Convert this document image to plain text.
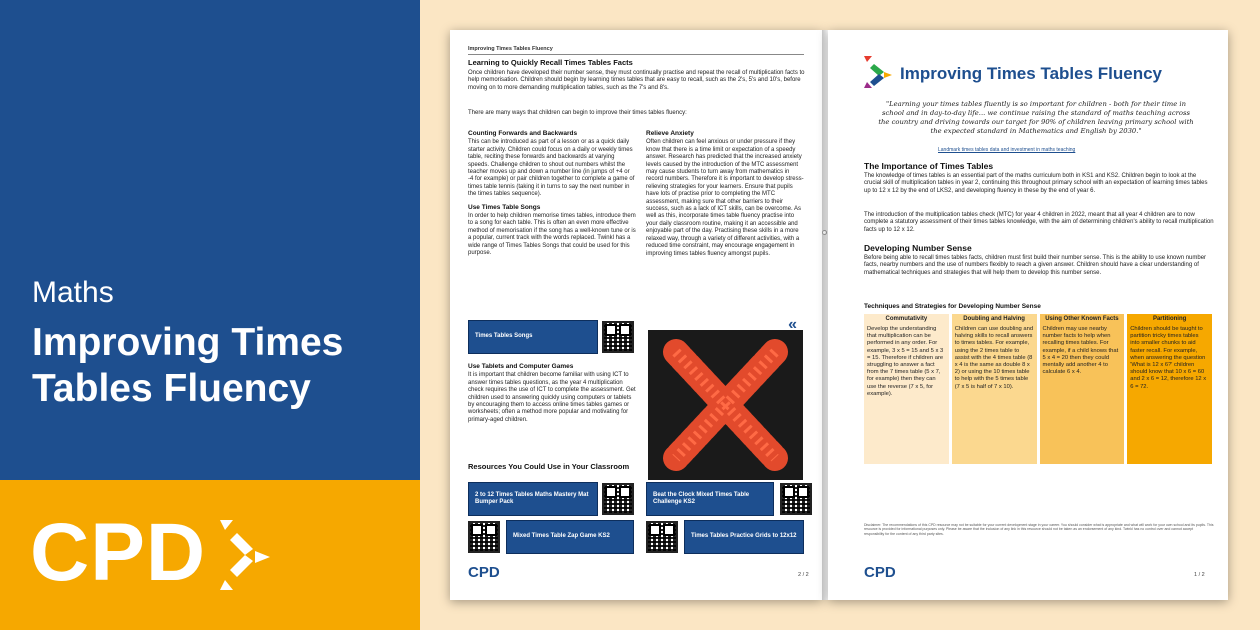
Maths
Improving Times Tables Fluency
CPD
Improving Times Tables Fluency
Learning to Quickly Recall Times Tables Facts
Once children have developed their number sense, they must continually practise and repeat the recall of multiplication facts to help memorisation. Children should begin by learning times tables that are easy to recall, such as the 2's, 5's and 10's, before moving on to more demanding multiplication tables, such as the 7's and 8's.
There are many ways that children can begin to improve their times tables fluency:
Counting Forwards and Backwards

This can be introduced as part of a lesson or as a quick daily starter activity. Children could focus on a daily or weekly times table, reciting these forwards and backwards at varying speeds. Challenge children to shout out numbers whilst the teacher moves up and down a number line (in jumps of +4 or -4 for example) or pair children together to complete a game of times table tennis (taking it in turns to say the next number in the times tables sequence).

Use Times Table Songs

In order to help children memorise times tables, introduce them to a song for each table. This is often an even more effective method of memorisation if the song has a well-known tune or is a popular, current track with the words replaced. Twinkl has a wide range of Times Tables Songs that could be used for this purpose.

Times Tables Songs
Use Tablets and Computer Games

It is important that children become familiar with using ICT to answer times tables questions, as the year 4 multiplication check requires the use of ICT to complete the assessment. Get children used to answering quickly using computers or tablets by encouraging them to access online times tables games or worksheets; often a method more popular and motivating for primary-aged children.

Relieve Anxiety

Often children can feel anxious or under pressure if they know that there is a time limit or expectation of a speedy answer. Research has predicted that the increased anxiety levels caused by the introduction of the MTC assessment may cause students to turn away from mathematics in record numbers. Therefore it is important to develop stress-relieving strategies for your learners. Ensure that pupils have lots of practise prior to completing the MTC assessment, making sure that other barriers to their success, such as a lack of ICT skills, can be overcome. As well as this, incorporate times table fluency practise into your daily classroom routine, making it an accessible and enjoyable part of the day. Practising these skills in a more relaxed way, through a variety of different activities, with a reduced time constraint, may encourage engagement in improving times tables fluency amongst pupils.

«
Resources You Could Use in Your Classroom
2 to 12 Times Tables Maths Mastery Mat Bumper Pack
Beat the Clock Mixed Times Table Challenge KS2
Mixed Times Table Zap Game KS2	Times Tables Practice Grids to 12x12
CPD	2 / 2
Improving Times Tables Fluency
"Learning your times tables fluently is so important for children - both for their time in school and in day-to-day life... we continue raising the standard of maths teaching across the country and driving towards our target for 90% of children leaving primary school with the expected standard in Mathematics and English by 2030."
Landmark times tables data and investment in maths teaching
The Importance of Times Tables
The knowledge of times tables is an essential part of the maths curriculum both in KS1 and KS2. Children begin to look at the crucial skill of multiplication tables in year 2, continuing this throughout primary school with an expectation of learning times tables up to 12 x 12 by the end of LKS2, and developing fluency in these by the end of year 6.
The introduction of the multiplication tables check (MTC) for year 4 children in 2022, meant that all year 4 children are to now complete a statutory assessment of their times tables knowledge, with the aim of determining children's ability to recall multiplication facts up to 12 x 12.
Developing Number Sense
Before being able to recall times tables facts, children must first build their number sense. This is the ability to use known number facts, nearby numbers and the use of numbers flexibly to reach a given answer. Children should have a clear understanding of mathematical techniques and strategies that will help them to develop this number sense.
Techniques and Strategies for Developing Number Sense
Commutativity
Develop the understanding that multiplication can be performed in any order. For example, 3 x 5 = 15 and 5 x 3 = 15. Therefore if children are struggling to answer a fact from the 7 times table (5 x 7, for example) then they can use the reverse (7 x 5, for example).
Doubling and Halving
Children can use doubling and halving skills to recall answers to times tables. For example, using the 2 times table to assist with the 4 times table (8 x 4 is the same as double 8 x 2) or using the 10 times table to help with the 5 times table (7 x 5 is half of 7 x 10).
Using Other Known Facts
Children may use nearby number facts to help when recalling times tables. For example, if a child knows that 5 x 4 = 20 then they could mentally add another 4 to calculate 6 x 4.
Partitioning
Children should be taught to partition tricky times tables into smaller chunks to aid faster recall. For example, when answering the question 'What is 12 x 6?' children should know that 10 x 6 = 60 and 2 x 6 = 12, therefore 12 x 6 = 72.
Disclaimer: The recommendations of this CPD resource may not be suitable for your current development stage in your career. You should consider what is appropriate and what will work for your own school and its pupils. This resource is provided for informational purposes only. Please be aware that the inclusion of any link in this resource should not be taken as an endorsement of any kind. Twinkl has no control over and cannot accept responsibility for the content of any third party sites.
CPD	1 / 2
